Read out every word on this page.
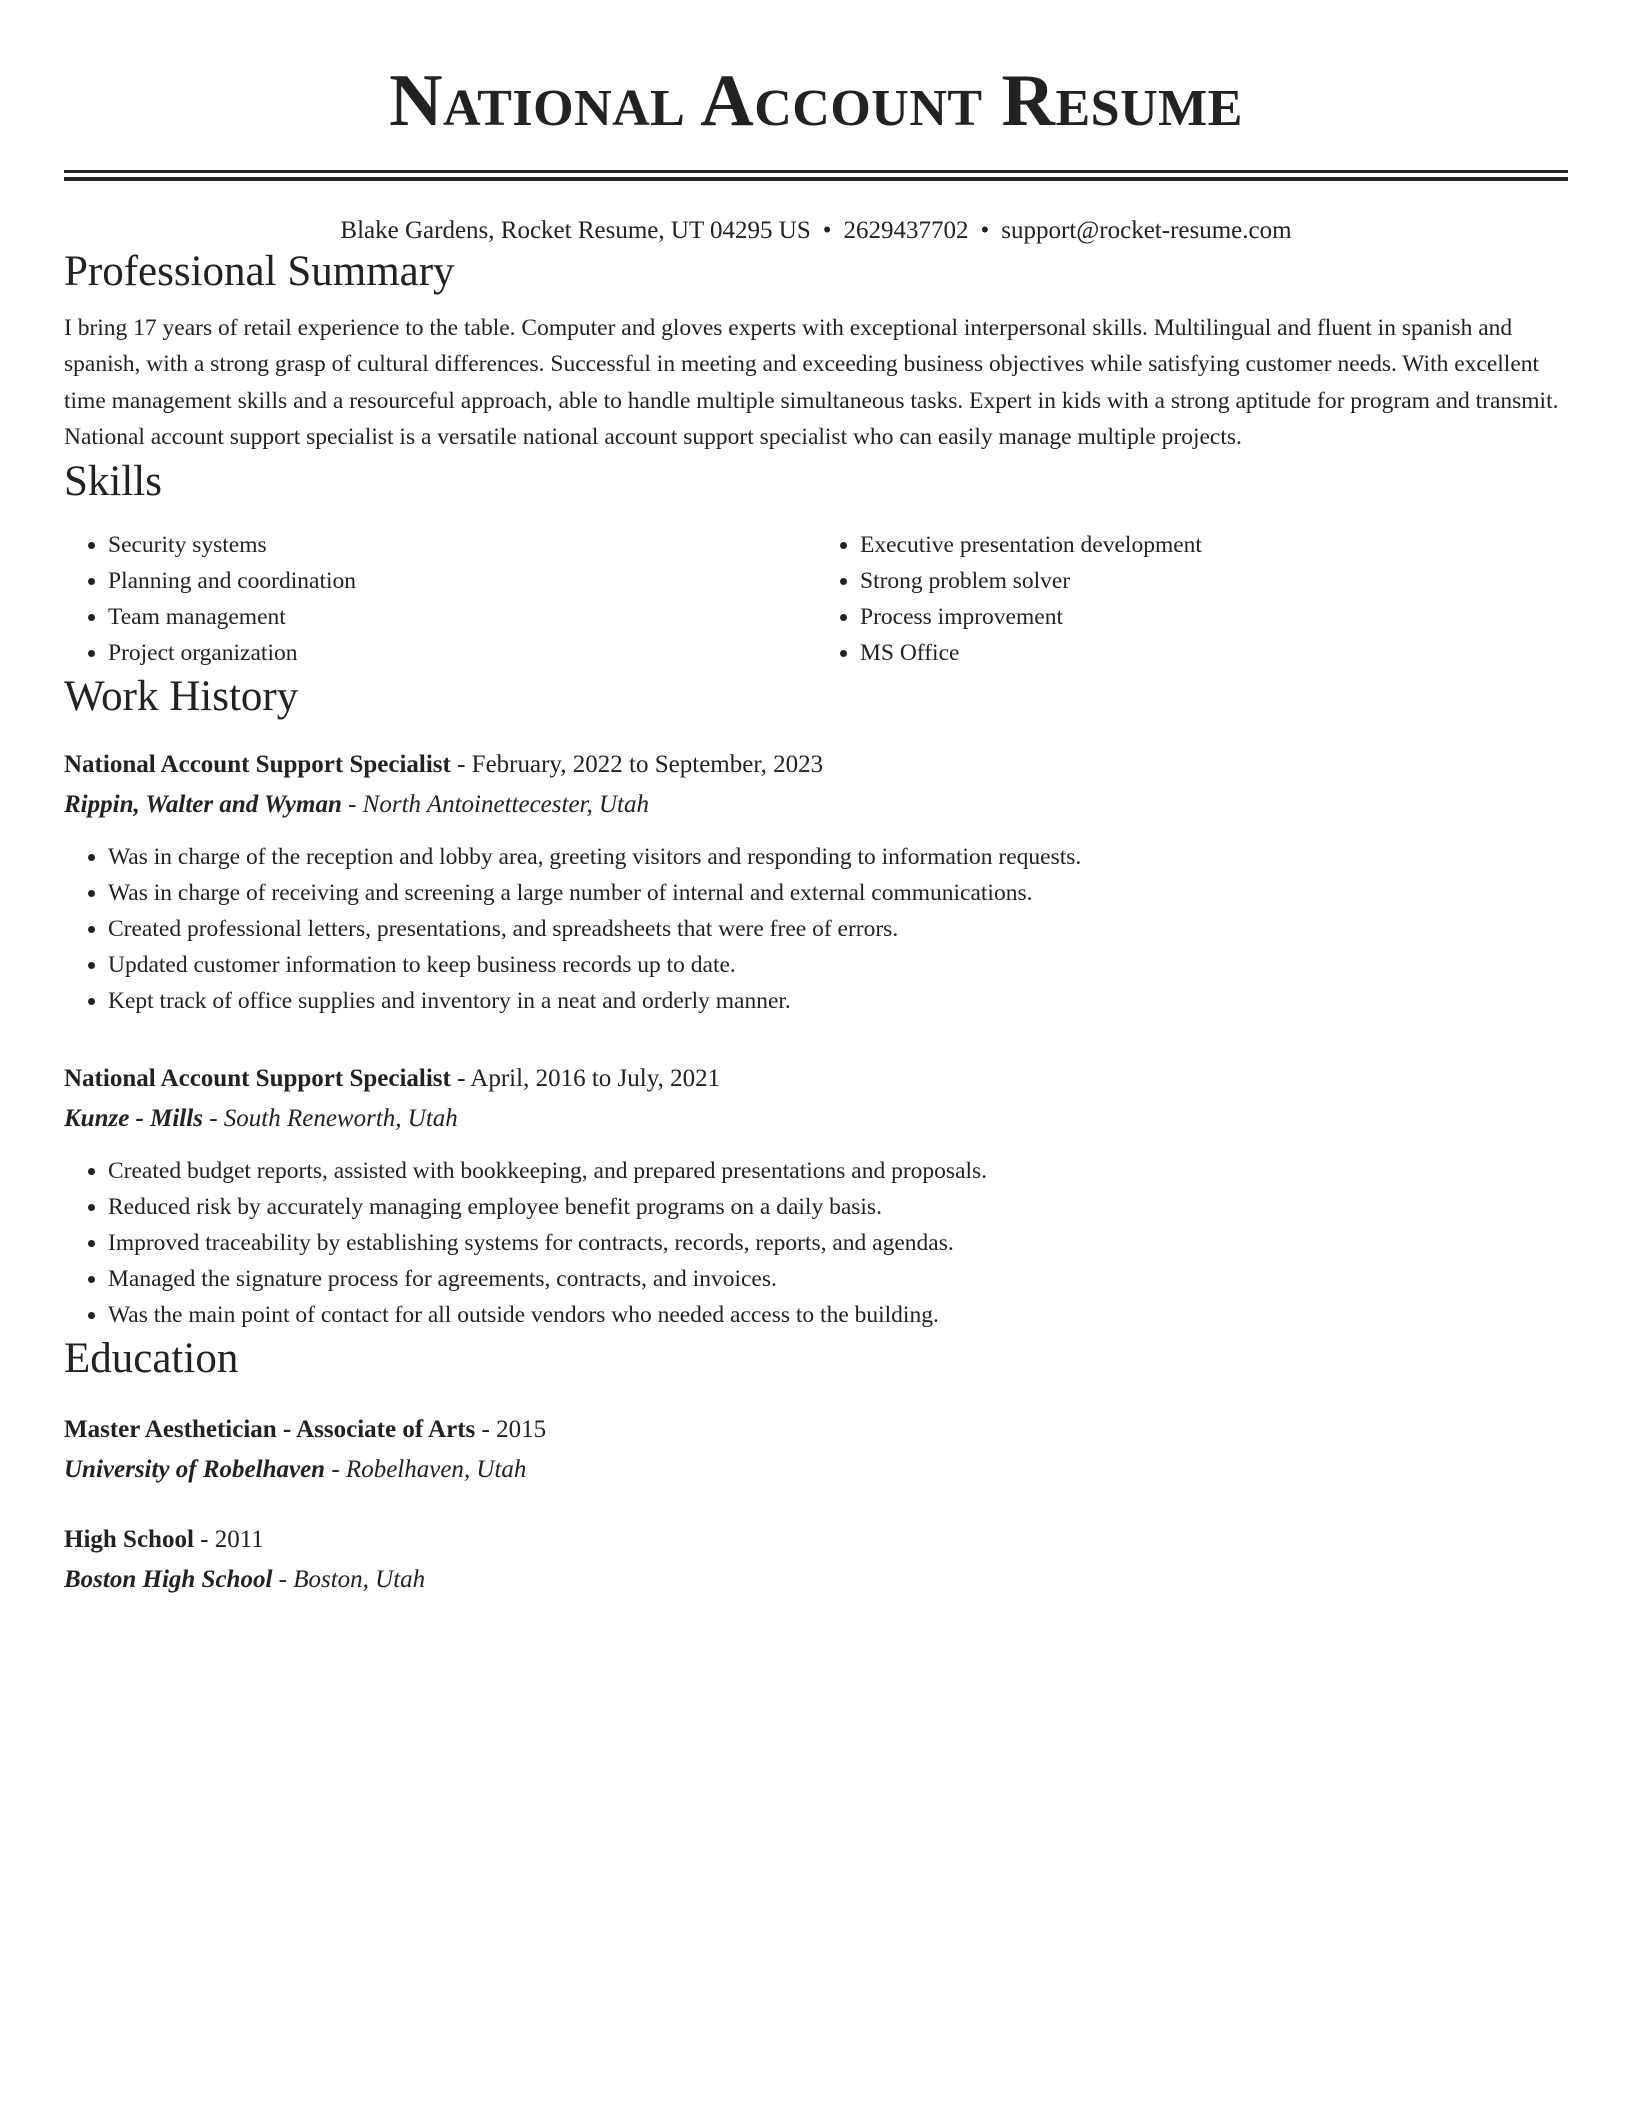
National Account Resume
Blake Gardens, Rocket Resume, UT 04295 US • 2629437702 • support@rocket-resume.com
Professional Summary

I bring 17 years of retail experience to the table. Computer and gloves experts with exceptional interpersonal skills. Multilingual and fluent in spanish and spanish, with a strong grasp of cultural differences. Successful in meeting and exceeding business objectives while satisfying customer needs. With excellent time management skills and a resourceful approach, able to handle multiple simultaneous tasks. Expert in kids with a strong aptitude for program and transmit. National account support specialist is a versatile national account support specialist who can easily manage multiple projects.

Skills
• Security systems
• Planning and coordination
• Team management
• Project organization
• Executive presentation development
• Strong problem solver
• Process improvement
• MS Office
Work History
National Account Support Specialist - February, 2022 to September, 2023
Rippin, Walter and Wyman - North Antoinettecester, Utah
• Was in charge of the reception and lobby area, greeting visitors and responding to information requests.
• Was in charge of receiving and screening a large number of internal and external communications.
• Created professional letters, presentations, and spreadsheets that were free of errors.
• Updated customer information to keep business records up to date.
• Kept track of office supplies and inventory in a neat and orderly manner.
National Account Support Specialist - April, 2016 to July, 2021
Kunze - Mills - South Reneworth, Utah
• Created budget reports, assisted with bookkeeping, and prepared presentations and proposals.
• Reduced risk by accurately managing employee benefit programs on a daily basis.
• Improved traceability by establishing systems for contracts, records, reports, and agendas.
• Managed the signature process for agreements, contracts, and invoices.
• Was the main point of contact for all outside vendors who needed access to the building.
Education
Master Aesthetician - Associate of Arts - 2015
University of Robelhaven - Robelhaven, Utah
High School - 2011
Boston High School - Boston, Utah
